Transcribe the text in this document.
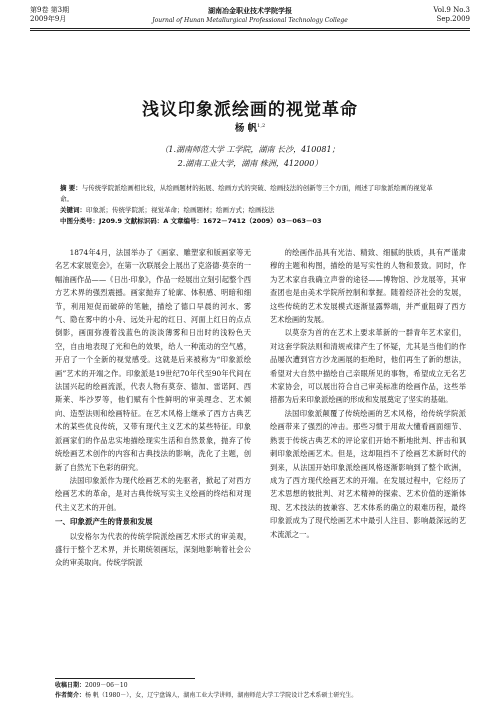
第9卷 第3期
2009年9月
湖南冶金职业技术学院学报
Journal of Hunan Metallurgical Professional Technology College
Vol.9 No.3
Sep.2009
浅议印象派绘画的视觉革命
杨 帆$^{1,2}$
（1.湖南师范大学 工学院，湖南 长沙，410081；
2.湖南工业大学，湖南 株洲，412000）
摘 要：与传统学院派绘画相比较，从绘画题材的拓展、绘画方式的突破、绘画技法的创新等三个方面，阐述了印象派绘画的视觉革命。
关键词：印象派；传统学院派；视觉革命；绘画题材；绘画方式；绘画技法
中图分类号：J209.9 文献标识码：A 文章编号：1672－7412（2009）03－063－03

1874年4月，法国举办了《画家、雕塑家和版画家等无名艺术家展览会》，在第一次联展会上展出了克洛德·莫奈的一幅油画作品——《日出·印象》，作品一经展出立刻引起整个西方艺术界的强烈震撼。画家抛弃了轮廓、体积感、明暗和细节，利用短促而破碎的笔触，描绘了德口早晨的河水、雾气、隐在雾中的小舟、远处升起的红日、河面上红日的点点倒影，画面弥漫着浅蓝色的淡淡薄雾和日出时的浅粉色天空，自由地表现了光和色的效果，给人一种流动的空气感，开启了一个全新的视觉感受。这就是后来被称为“印象派绘画”艺术的开端之作。印象派是19世纪70年代至90年代间在法国兴起的绘画流派，代表人物有莫奈、德加、雷诺阿、西斯莱、毕沙罗等，他们赋有个性鲜明的审美理念、艺术倾向、造型法则和绘画特征。在艺术风格上继承了西方古典艺术的某些优良传统，又带有现代主义艺术的某些特征。印象派画家们的作品忠实地描绘现实生活和自然景象，抛弃了传统绘画艺术创作的内容和古典技法的影响，洗化了主题，创新了自然光下色彩的研究。

法国印象派作为现代绘画艺术的先驱者，掀起了对西方绘画艺术的革命，是对古典传统写实主义绘画的终结和对现代主义艺术的开创。

一、印象派产生的背景和发展

以安格尔为代表的传统学院派绘画艺术形式的审美观，盛行于整个艺术界，并长期统领画坛，深刻地影响着社会公众的审美取向。传统学院派

的绘画作品具有光洁、精致、细腻的肤质，具有严谨肃穆的主题和构图，描绘的是写实性的人物和景致。同时，作为艺术家自我确立声誉的途径——博物馆、沙龙展等，其审查团也是由美术学院所控制和掌握。随着经济社会的发展，这些传统的艺术发展模式逐渐显露弊端，并严重阻碍了西方艺术绘画的发展。

以莫奈为首的在艺术上要求革新的一群青年艺术家们，对这套学院法则和清规戒律产生了怀疑，尤其是当他们的作品屡次遭到官方沙龙画展的拒绝时，他们再生了新的想法，希望对大自然中描绘自己亲眼所见的事物，希望成立无名艺术家协会，可以展出符合自己审美标准的绘画作品，这些举措都为后来印象派绘画的形成和发展奠定了坚实的基础。

法国印象派颠覆了传统绘画的艺术风格，给传统学院派绘画带来了强烈的冲击。那些习惯于用故大懂看画面细节、熟衷于传统古典艺术的评论家们开始不断地批判、抨击和讽刺印象派绘画艺术。但是，这却阻挡不了绘画艺术新时代的到来，从法国开始印象派绘画风格逐渐影响到了整个欧洲，成为了西方现代绘画艺术的开端。在发展过程中，它经历了艺术思想的彼批判、对艺术精神的探索、艺术价值的逐渐体现、艺术技法的披兼容、艺术体系的确立的艰难历程，最终印象派成为了现代绘画艺术中最引人注目、影响最深远的艺术流派之一。

收稿日期：2009－06－10
作者简介：杨 帆（1980－），女，辽宁盘锦人，湖南工业大学讲师，湖南师范大学工学院设计艺术系硕士研究生。
